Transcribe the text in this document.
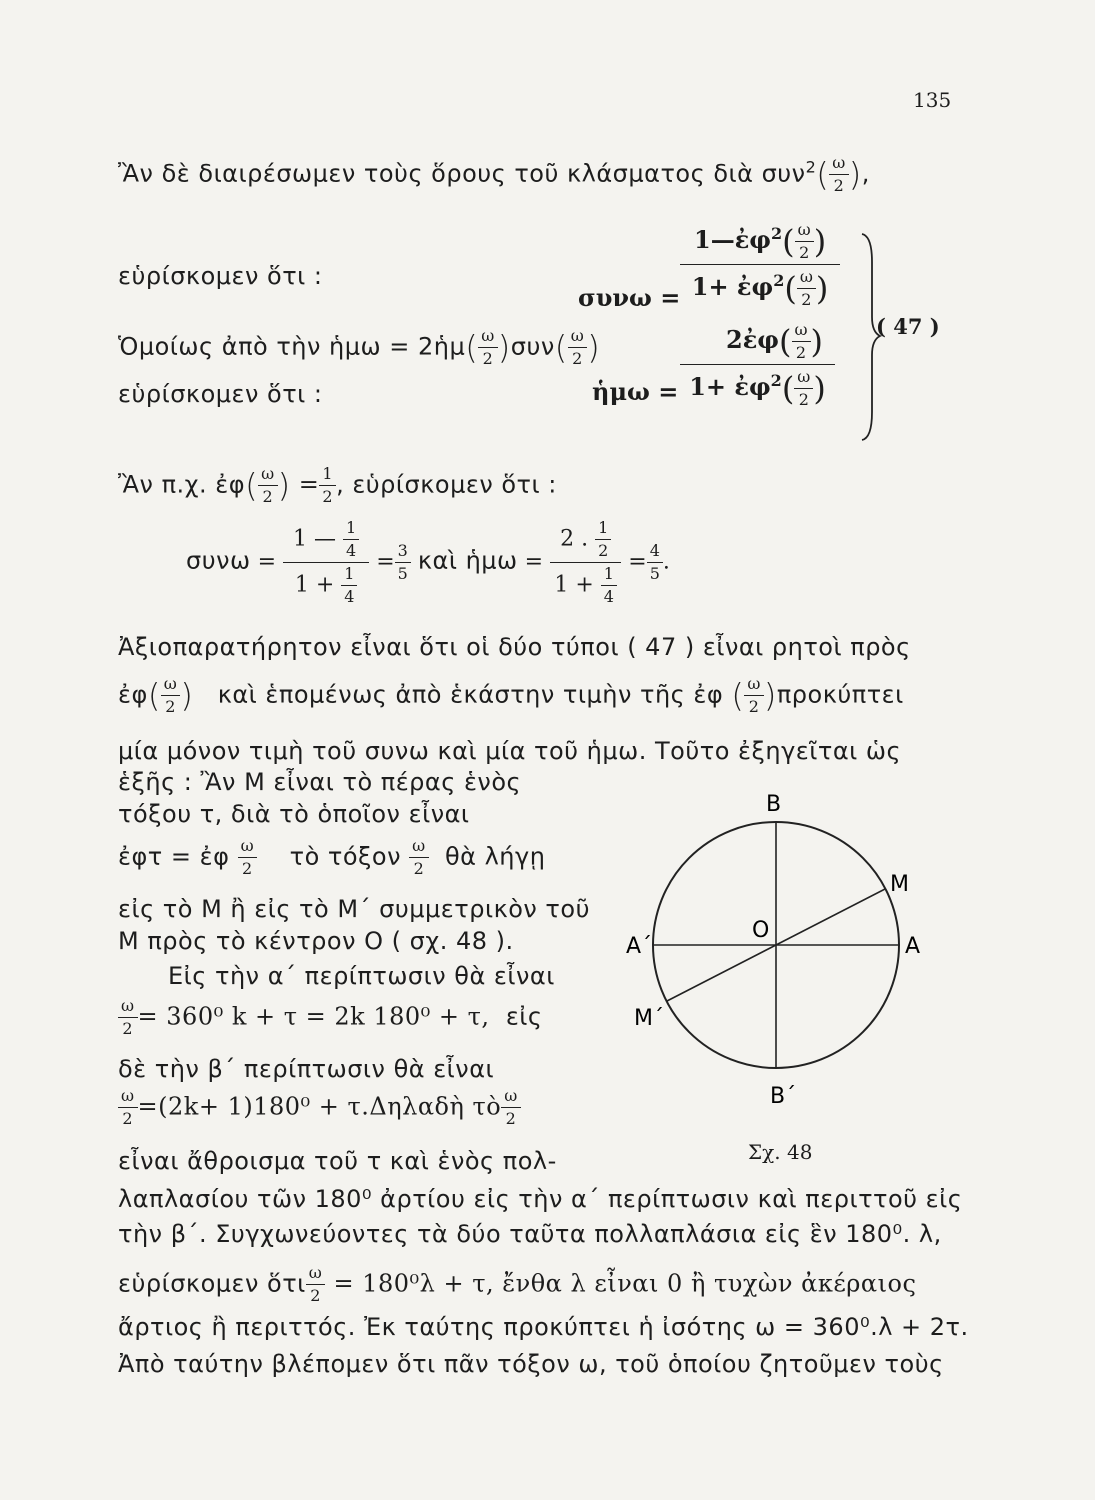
135
Ἂν δὲ διαιρέσωμεν τοὺς ὅρους τοῦ κλάσματος διὰ $\sigma\upsilon\nu^2( \frac{\omega}{2}$ ),
εὑρίσκομεν ὅτι :
$\sigma\upsilon\nu\omega = \frac{1—ἐ\varphi^2( \frac{\omega}{2} )}{1+ ἐ\varphi^2( \frac{\omega}{2} )}$
Ὁμοίως ἀπὸ τὴν ἡμω = 2ἡμ( $\frac{\omega}{2} )\sigma\upsilon\nu( \frac{\omega}{2}$ )
εὑρίσκομεν ὅτι :	ἡμω = $\frac{2ἐ\varphi( \frac{\omega}{2} )}{1+ ἐ\varphi^2( \frac{\omega}{2} )}$ ( 47 )
Ἂν π.χ. ἐφ( $\frac{\omega}{2}$ ) = $\frac{1}{2}$ , εὑρίσκομεν ὅτι :
$\sigma\upsilon\nu\omega = \frac{1 — \frac{1}{4}}{1 + \frac{1}{4}} = \frac{3}{5}$ καὶ ἡμω = $\frac{2 . \frac{1}{2}}{1 + \frac{1}{4}} = \frac{4}{5}$ .
Ἀξιοπαρατήρητον εἶναι ὅτι οἱ δύο τύποι ( 47 ) εἶναι ρητοὶ πρὸς
ἐφ( $\frac{\omega}{2}$ ) καὶ ἑπομένως ἀπὸ ἑκάστην τιμὴν τῆς ἐφ ( $\frac{\omega}{2} )\pi\rho o\kappa ύ\pi\tau\varepsilon\iota$
μία μόνον τιμὴ τοῦ συνω καὶ μία τοῦ ἡμω. Τοῦτο ἐξηγεῖται ὡς
ἑξῆς : Ἂν Μ εἶναι τὸ πέρας ἑνὸς
τόξου τ, διὰ τὸ ὁποῖον εἶναι
ἐφτ = ἐφ $\frac{\omega}{2}$ τὸ τόξον $\frac{\omega}{2}$ θὰ λήγῃ
εἰς τὸ Μ ἢ εἰς τὸ Μ΄ συμμετρικὸν τοῦ
Μ πρὸς τὸ κέντρον Ο ( σχ. 48 ).
Εἰς τὴν α΄ περίπτωσιν θὰ εἶναι
$\frac{\omega}{2} = 360^0$ k + τ = 2k 180⁰ + τ, εἰς
δὲ τὴν β΄ περίπτωσιν θὰ εἶναι
$\frac{\omega}{2} =(2k+ 1)180^0$ + τ.Δηλαδὴ τὸ $\frac{\omega}{2}$
εἶναι ἄθροισμα τοῦ τ καὶ ἑνὸς πολ-
B
B΄
A
A΄
O
M
M΄
Σχ. 48
λαπλασίου τῶν 180⁰ ἀρτίου εἰς τὴν α΄ περίπτωσιν καὶ περιττοῦ εἰς
τὴν β΄. Συγχωνεύοντες τὰ δύο ταῦτα πολλαπλάσια εἰς ἓν 180⁰. λ,
εὑρίσκομεν ὅτι $\frac{\omega}{2} = 180^0\lambda + \tau$, ἔνθα λ εἶναι 0 ἢ τυχὼν ἀκέραιος
ἄρτιος ἢ περιττός. Ἐκ ταύτης προκύπτει ἡ ἰσότης ω = 360⁰.λ + 2τ.
Ἀπὸ ταύτην βλέπομεν ὅτι πᾶν τόξον ω, τοῦ ὁποίου ζητοῦμεν τοὺς
